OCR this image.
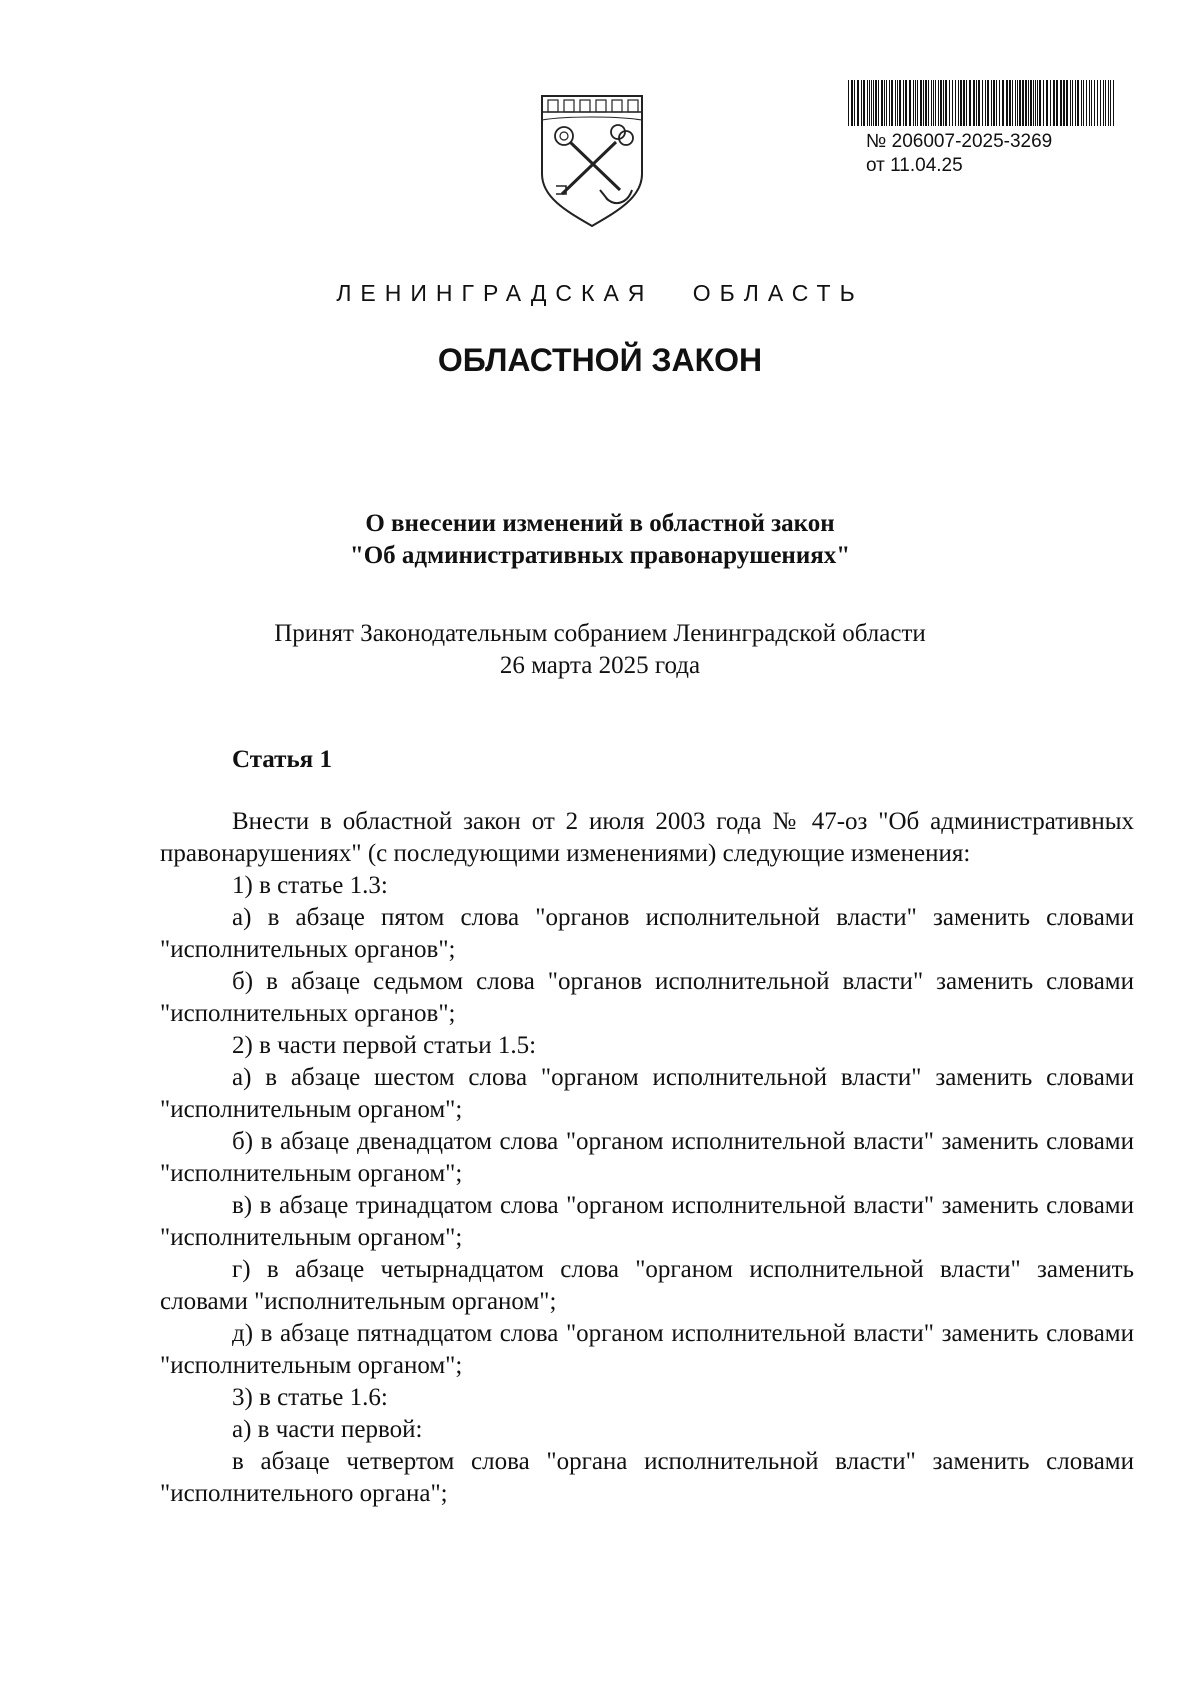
№ 206007-2025-3269
от 11.04.25
ЛЕНИНГРАДСКАЯ ОБЛАСТЬ
ОБЛАСТНОЙ ЗАКОН
О внесении изменений в областной закон
"Об административных правонарушениях"
Принят Законодательным собранием Ленинградской области
26 марта 2025 года
Статья 1

Внести в областной закон от 2 июля 2003 года № 47-оз "Об административных правонарушениях" (с последующими изменениями) следующие изменения:

1) в статье 1.3:

а) в абзаце пятом слова "органов исполнительной власти" заменить словами "исполнительных органов";

б) в абзаце седьмом слова "органов исполнительной власти" заменить словами "исполнительных органов";

2) в части первой статьи 1.5:

а) в абзаце шестом слова "органом исполнительной власти" заменить словами "исполнительным органом";

б) в абзаце двенадцатом слова "органом исполнительной власти" заменить словами "исполнительным органом";

в) в абзаце тринадцатом слова "органом исполнительной власти" заменить словами "исполнительным органом";

г) в абзаце четырнадцатом слова "органом исполнительной власти" заменить словами "исполнительным органом";

д) в абзаце пятнадцатом слова "органом исполнительной власти" заменить словами "исполнительным органом";

3) в статье 1.6:

а) в части первой:

в абзаце четвертом слова "органа исполнительной власти" заменить словами "исполнительного органа";
